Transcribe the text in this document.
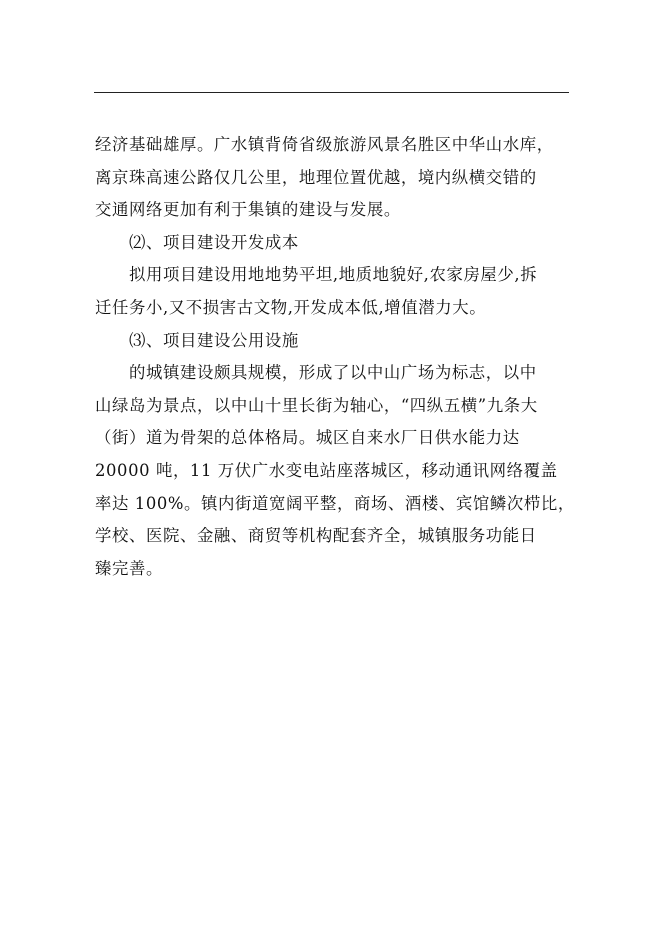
经济基础雄厚。广水镇背倚省级旅游风景名胜区中华山水库，
离京珠高速公路仅几公里，地理位置优越，境内纵横交错的
交通网络更加有利于集镇的建设与发展。
⑵、项目建设开发成本
拟用项目建设用地地势平坦,地质地貌好,农家房屋少,拆
迁任务小,又不损害古文物,开发成本低,增值潜力大。
⑶、项目建设公用设施
的城镇建设颇具规模，形成了以中山广场为标志，以中
山绿岛为景点，以中山十里长街为轴心，“四纵五横”九条大
（街）道为骨架的总体格局。城区自来水厂日供水能力达
20000 吨，11 万伏广水变电站座落城区，移动通讯网络覆盖
率达 100%。镇内街道宽阔平整，商场、酒楼、宾馆鳞次栉比，
学校、医院、金融、商贸等机构配套齐全，城镇服务功能日
臻完善。
